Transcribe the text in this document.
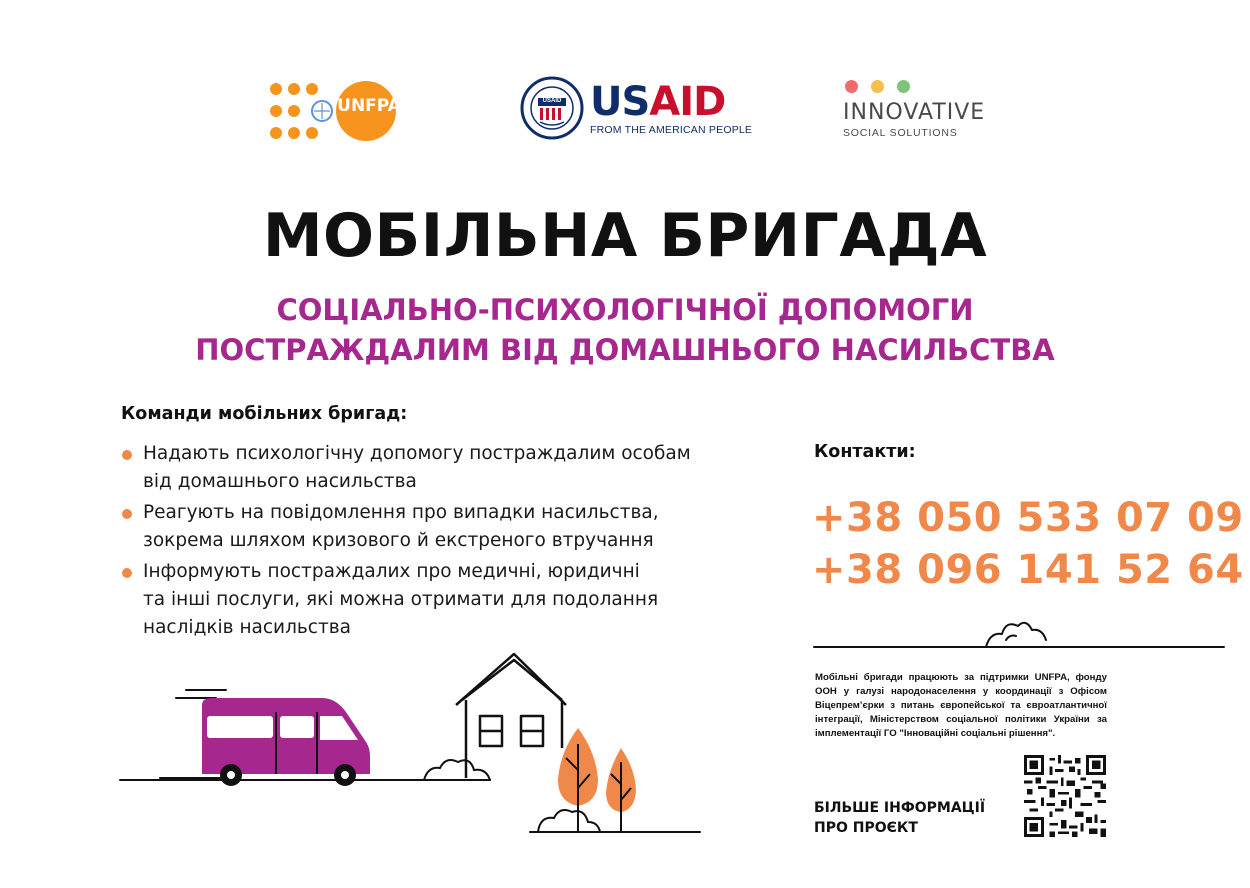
UNFPA	USAID USAID
FROM THE AMERICAN PEOPLE
INNOVATIVE
SOCIAL SOLUTIONS
МОБІЛЬНА БРИГАДА
СОЦІАЛЬНО-ПСИХОЛОГІЧНОЇ ДОПОМОГИ
ПОСТРАЖДАЛИМ ВІД ДОМАШНЬОГО НАСИЛЬСТВА
Команди мобільних бригад:
Надають психологічну допомогу постраждалим особам
від домашнього насильства
Реагують на повідомлення про випадки насильства,
зокрема шляхом кризового й екстреного втручання
Інформують постраждалих про медичні, юридичні
та інші послуги, які можна отримати для подолання
наслідків насильства
Контакти:
+38 050 533 07 09
+38 096 141 52 64
Мобільні бригади працюють за підтримки UNFPA, фонду ООН у галузі народонаселення у координації з Офісом Віцепрем’єрки з питань європейської та євроатлантичної інтеграції, Міністерством соціальної політики України за імплементації ГО "Інноваційні соціальні рішення".
БІЛЬШЕ ІНФОРМАЦІЇ
ПРО ПРОЄКТ
